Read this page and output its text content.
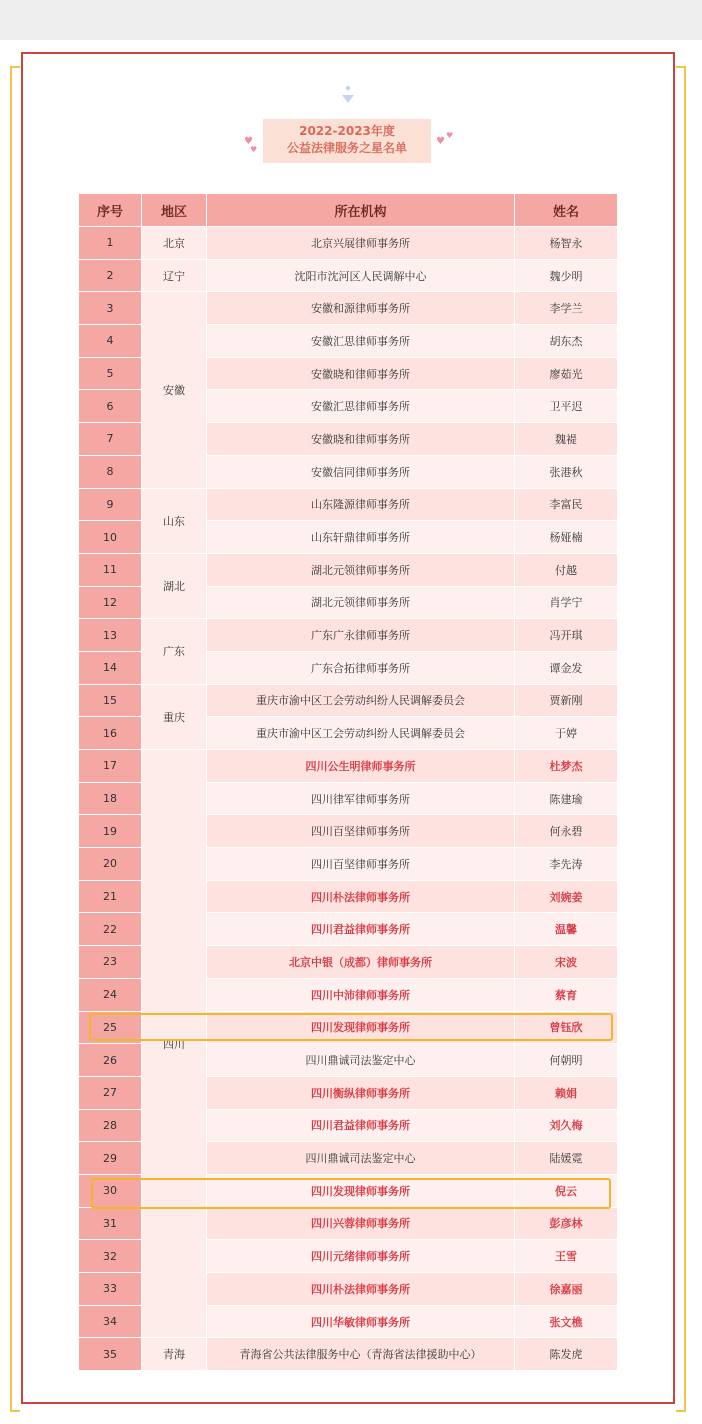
♥
♥
♥
♥
2022-2023年度
公益法律服务之星名单
序号	地区	所在机构	姓名
1	北京	北京兴展律师事务所	杨智永
2	辽宁	沈阳市沈河区人民调解中心	魏少明
3	安徽	安徽和源律师事务所	李学兰
4		安徽汇思律师事务所	胡东杰
5		安徽晓和律师事务所	廖茹光
6		安徽汇思律师事务所	卫平迟
7		安徽晓和律师事务所	魏褆
8		安徽信同律师事务所	张港秋
9	山东	山东隆源律师事务所	李富民
10		山东轩鼎律师事务所	杨娅楠
11	湖北	湖北元领律师事务所	付越
12		湖北元领律师事务所	肖学宁
13	广东	广东广永律师事务所	冯开琪
14		广东合拓律师事务所	谭金发
15	重庆	重庆市渝中区工会劳动纠纷人民调解委员会	贾新刚
16		重庆市渝中区工会劳动纠纷人民调解委员会	于婷
17	四川	四川公生明律师事务所	杜梦杰
18		四川律军律师事务所	陈建瑜
19		四川百坚律师事务所	何永碧
20		四川百坚律师事务所	李先涛
21		四川朴法律师事务所	刘婉姜
22		四川君益律师事务所	温馨
23		北京中银（成都）律师事务所	宋波
24		四川中沛律师事务所	蔡育
25		四川发现律师事务所	曾钰欣
26		四川鼎诚司法鉴定中心	何朝明
27		四川衡纵律师事务所	赖娟
28		四川君益律师事务所	刘久梅
29		四川鼎诚司法鉴定中心	陆媛霓
30		四川发现律师事务所	倪云
31		四川兴蓉律师事务所	彭彦林
32		四川元绪律师事务所	王雪
33		四川朴法律师事务所	徐嘉丽
34		四川华敏律师事务所	张文樵
35	青海	青海省公共法律服务中心（青海省法律援助中心）	陈发虎
